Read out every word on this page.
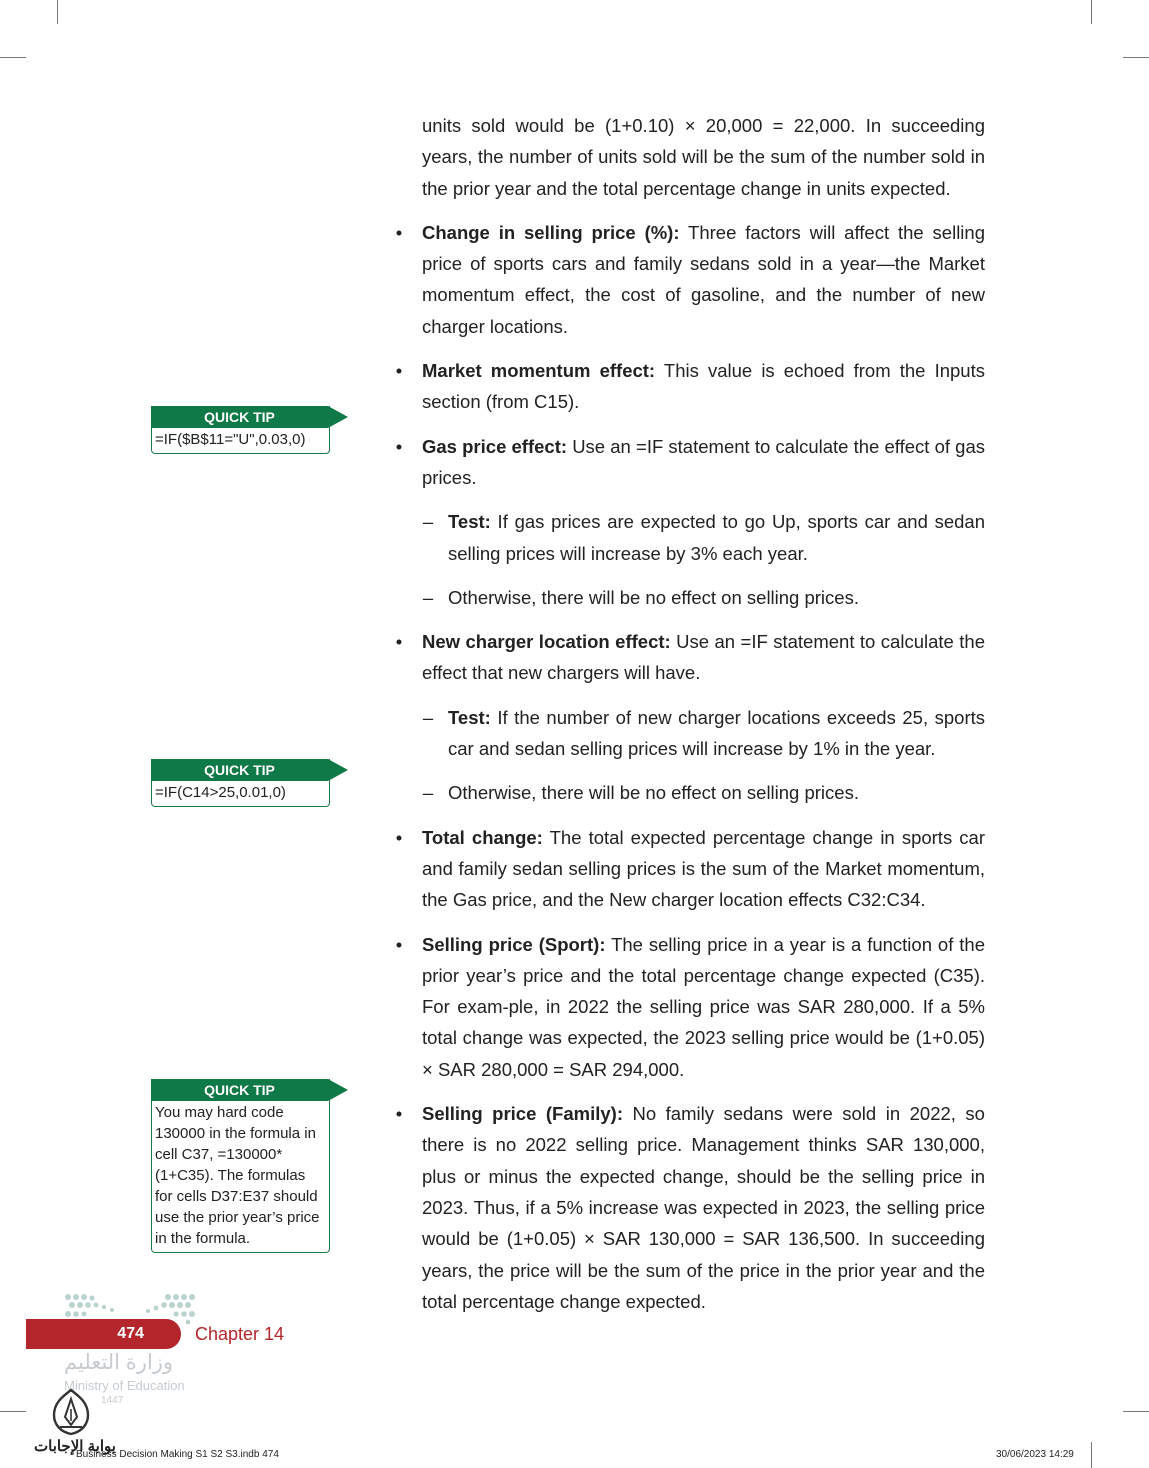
units sold would be (1+0.10) × 20,000 = 22,000. In succeeding years, the number of units sold will be the sum of the number sold in the prior year and the total percentage change in units expected.

•	Change in selling price (%): Three factors will affect the selling price of sports cars and family sedans sold in a year—the Market momentum effect, the cost of gasoline, and the number of new charger locations.
•	Market momentum effect: This value is echoed from the Inputs section (from C15).
•	Gas price effect: Use an =IF statement to calculate the effect of gas prices.
– Test: If gas prices are expected to go Up, sports car and sedan selling prices will increase by 3% each year.
– Otherwise, there will be no effect on selling prices.
•	New charger location effect: Use an =IF statement to calculate the effect that new chargers will have.
– Test: If the number of new charger locations exceeds 25, sports car and sedan selling prices will increase by 1% in the year.
– Otherwise, there will be no effect on selling prices.
•	Total change: The total expected percentage change in sports car and family sedan selling prices is the sum of the Market momentum, the Gas price, and the New charger location effects C32:C34.
•	Selling price (Sport): The selling price in a year is a function of the prior year’s price and the total percentage change expected (C35). For exam-ple, in 2022 the selling price was SAR 280,000. If a 5% total change was expected, the 2023 selling price would be (1+0.05) × SAR 280,000 = SAR 294,000.
•	Selling price (Family): No family sedans were sold in 2022, so there is no 2022 selling price. Management thinks SAR 130,000, plus or minus the expected change, should be the selling price in 2023. Thus, if a 5% increase was expected in 2023, the selling price would be (1+0.05) × SAR 130,000 = SAR 136,500. In succeeding years, the price will be the sum of the price in the prior year and the total percentage change expected.
QUICK TIP
=IF($B$11="U",0.03,0)
QUICK TIP
=IF(C14>25,0.01,0)
QUICK TIP
You may hard code 130000 in the formula in cell C37, =130000*(1+C35). The formulas for cells D37:E37 should use the prior year’s price in the formula.
474	Chapter 14
وزارة التعليم
Ministry of Education
1447
بوابة الإجابات
Business Decision Making S1 S2 S3.indb 474	30/06/2023 14:29
